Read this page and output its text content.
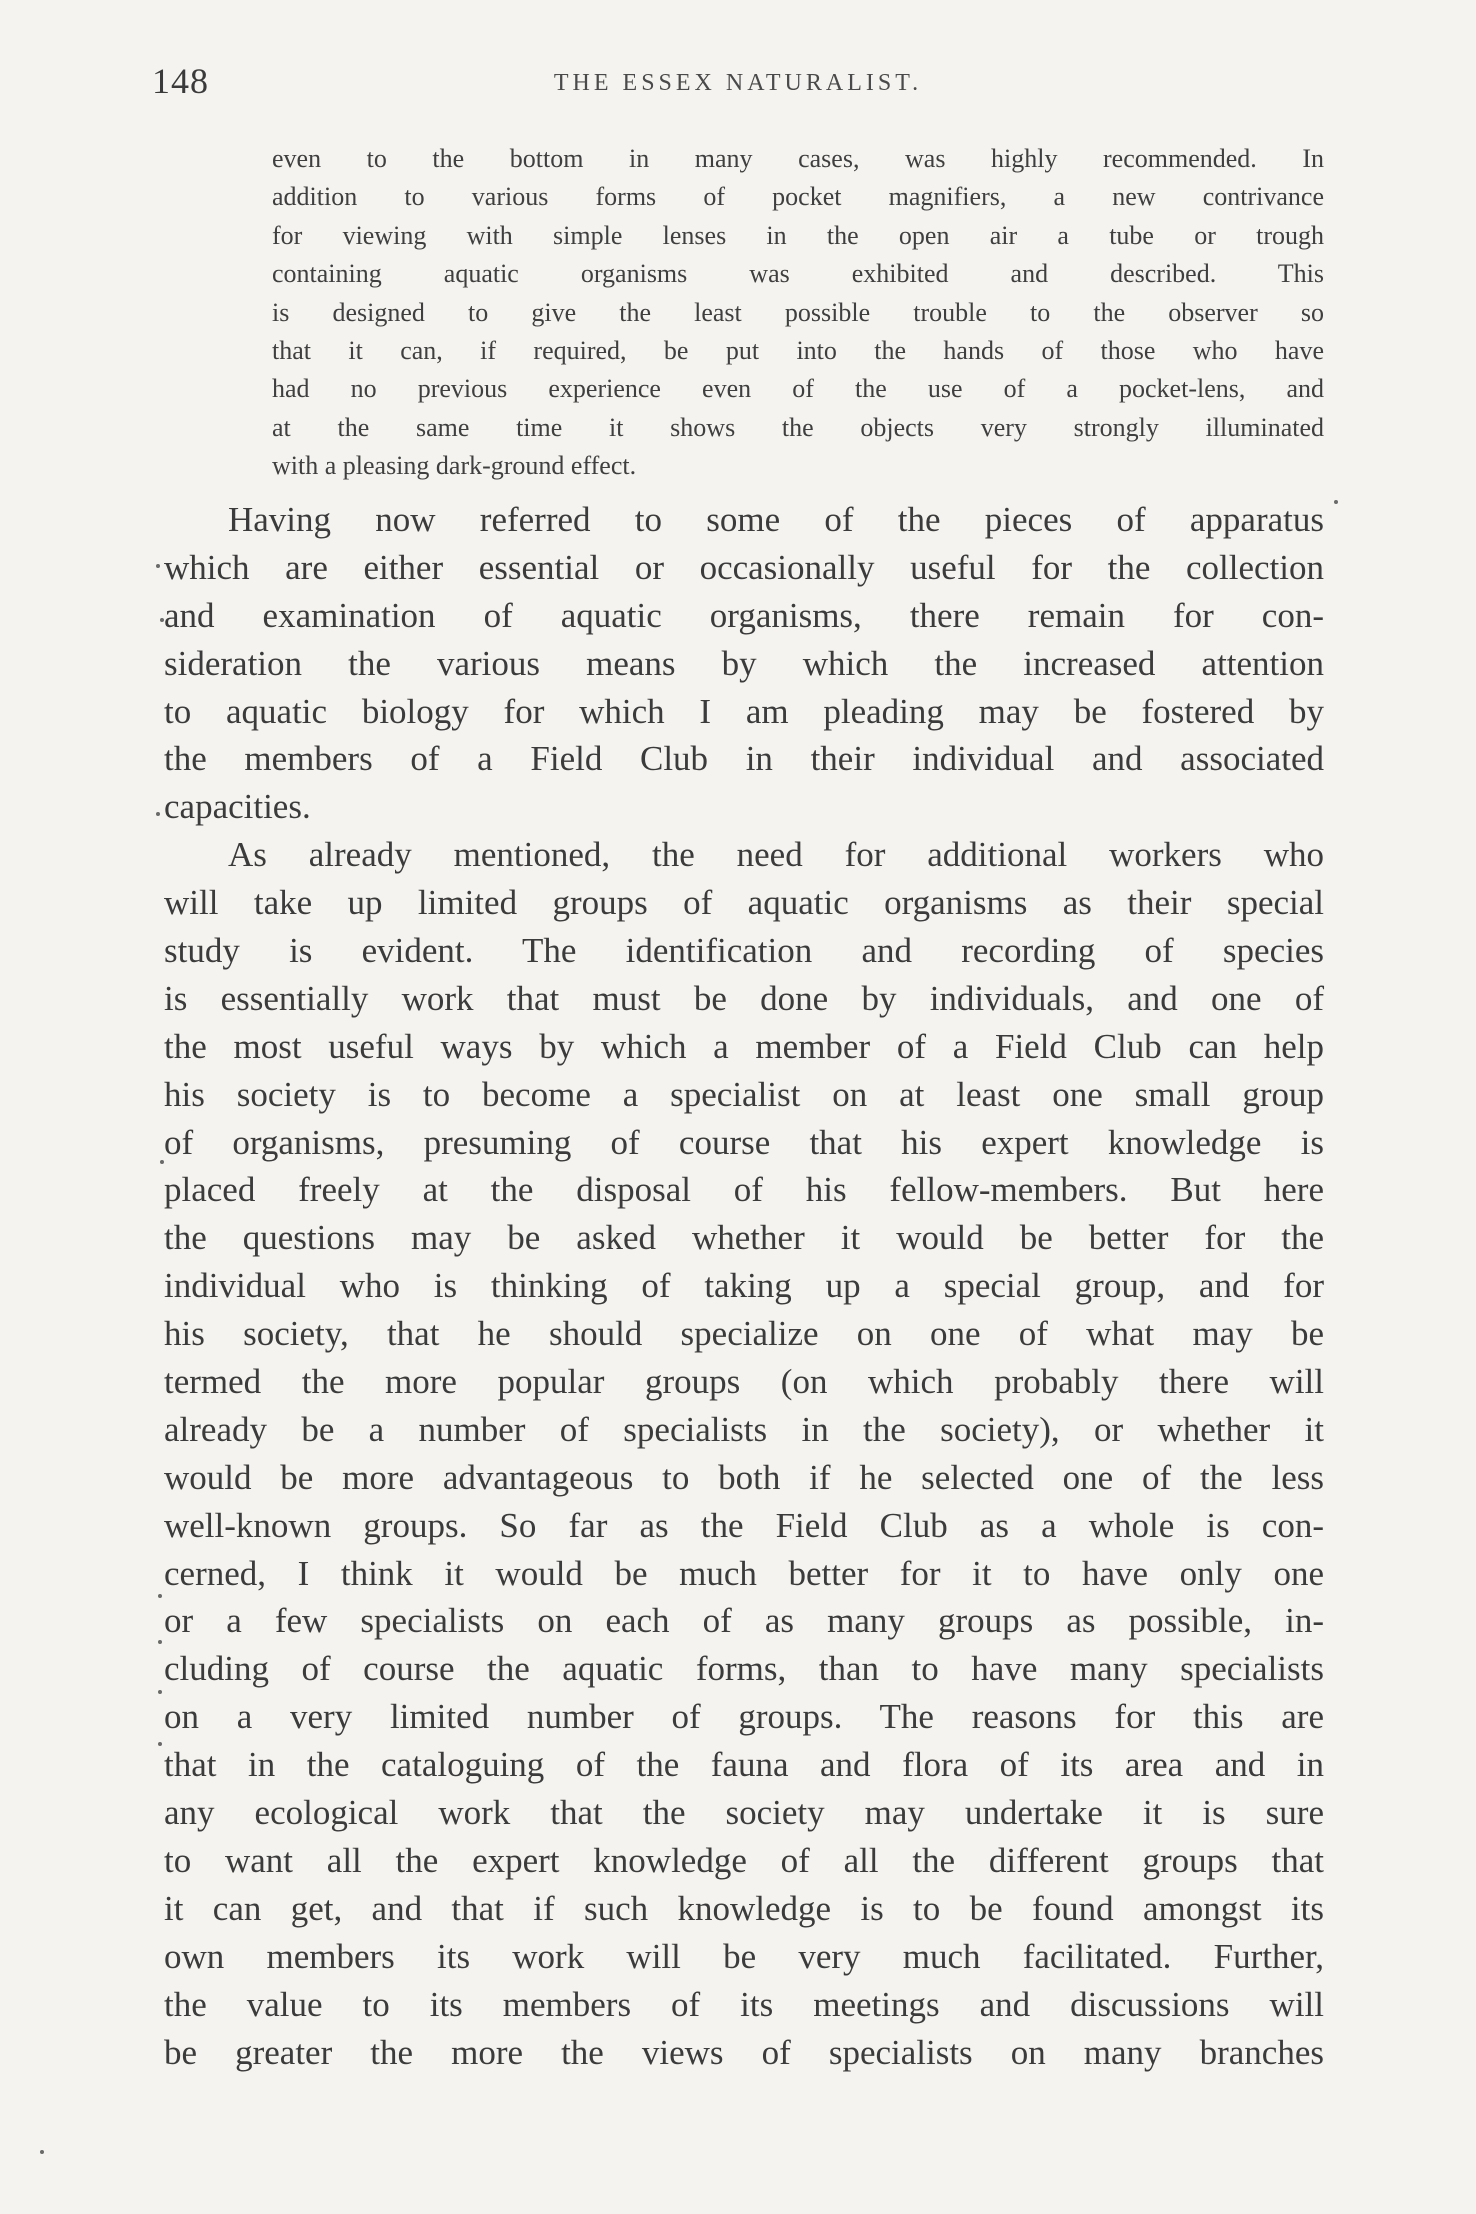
148	THE ESSEX NATURALIST.
even to the bottom in many cases, was highly recommended. In
addition to various forms of pocket magnifiers, a new contrivance
for viewing with simple lenses in the open air a tube or trough
containing aquatic organisms was exhibited and described. This
is designed to give the least possible trouble to the observer so
that it can, if required, be put into the hands of those who have
had no previous experience even of the use of a pocket-lens, and
at the same time it shows the objects very strongly illuminated
with a pleasing dark-ground effect.
Having now referred to some of the pieces of apparatus
which are either essential or occasionally useful for the collection
and examination of aquatic organisms, there remain for con-
sideration the various means by which the increased attention
to aquatic biology for which I am pleading may be fostered by
the members of a Field Club in their individual and associated
capacities.
As already mentioned, the need for additional workers who
will take up limited groups of aquatic organisms as their special
study is evident. The identification and recording of species
is essentially work that must be done by individuals, and one of
the most useful ways by which a member of a Field Club can help
his society is to become a specialist on at least one small group
of organisms, presuming of course that his expert knowledge is
placed freely at the disposal of his fellow-members. But here
the questions may be asked whether it would be better for the
individual who is thinking of taking up a special group, and for
his society, that he should specialize on one of what may be
termed the more popular groups (on which probably there will
already be a number of specialists in the society), or whether it
would be more advantageous to both if he selected one of the less
well-known groups. So far as the Field Club as a whole is con-
cerned, I think it would be much better for it to have only one
or a few specialists on each of as many groups as possible, in-
cluding of course the aquatic forms, than to have many specialists
on a very limited number of groups. The reasons for this are
that in the cataloguing of the fauna and flora of its area and in
any ecological work that the society may undertake it is sure
to want all the expert knowledge of all the different groups that
it can get, and that if such knowledge is to be found amongst its
own members its work will be very much facilitated. Further,
the value to its members of its meetings and discussions will
be greater the more the views of specialists on many branches
